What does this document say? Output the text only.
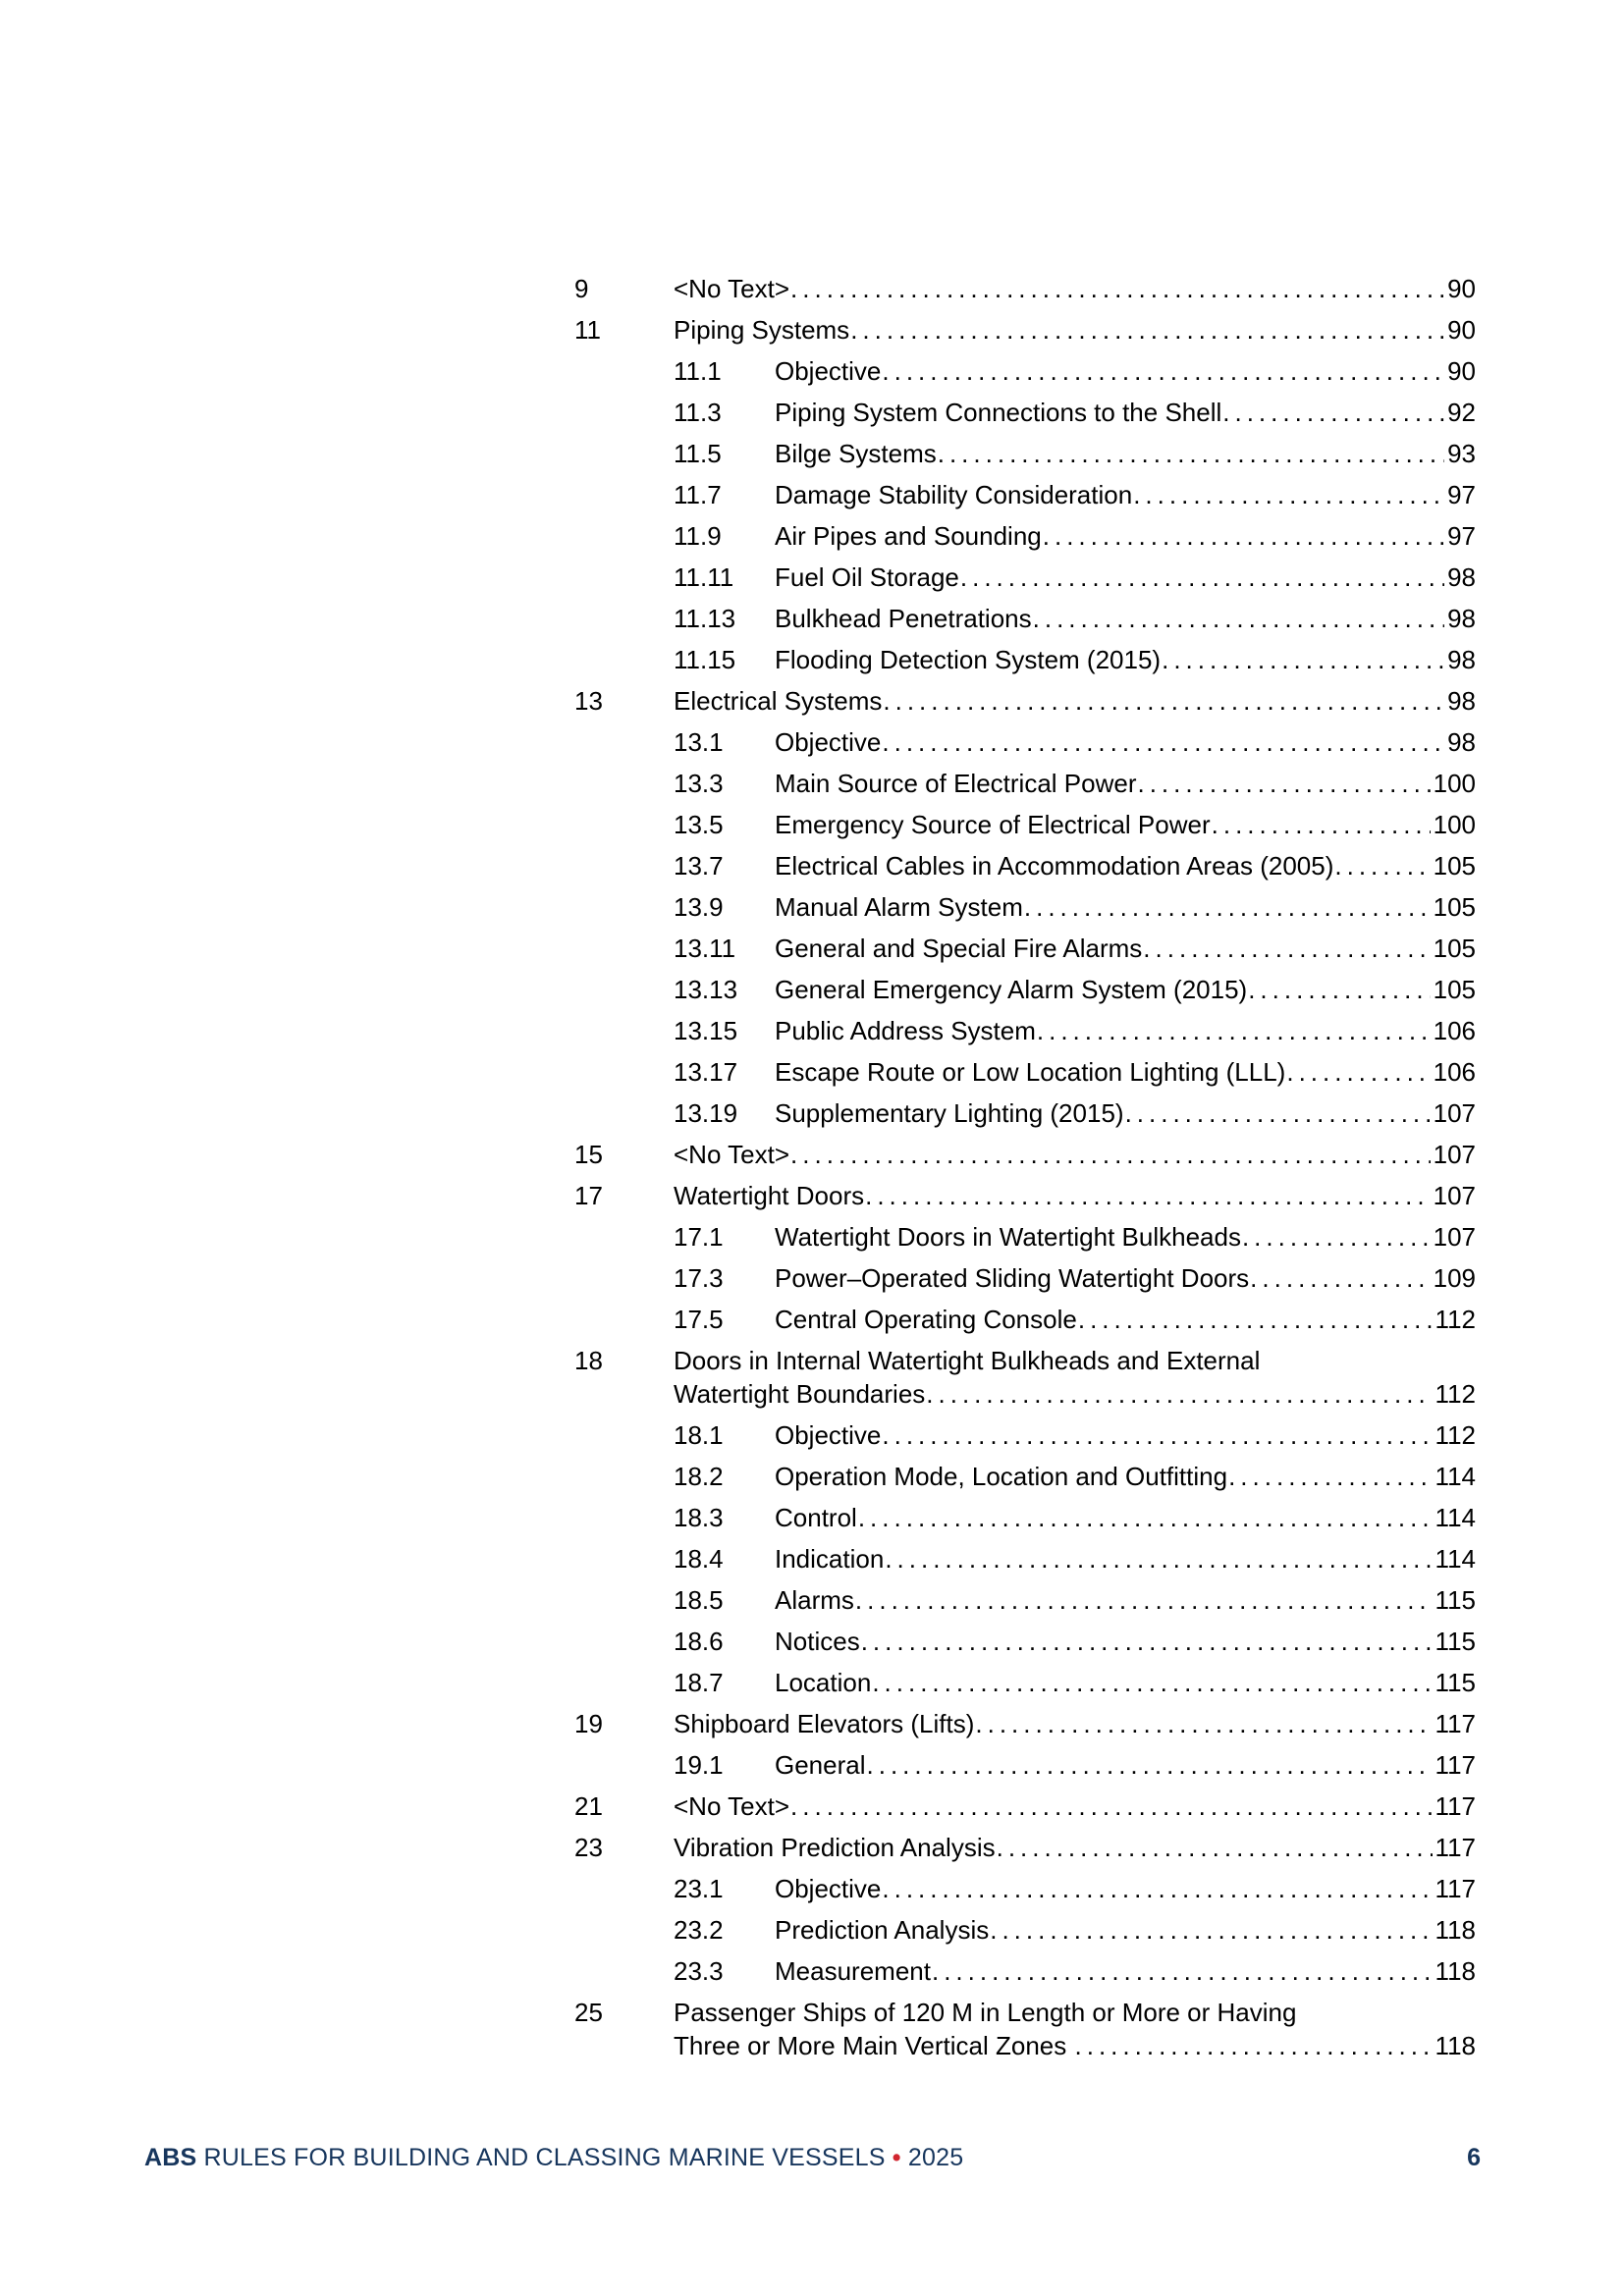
9	<No Text> .....	90
11	Piping Systems .....	90
11.1	Objective .....	90
11.3	Piping System Connections to the Shell .....	92
11.5	Bilge Systems .....	93
11.7	Damage Stability Consideration .....	97
11.9	Air Pipes and Sounding .....	97
11.11	Fuel Oil Storage .....	98
11.13	Bulkhead Penetrations .....	98
11.15	Flooding Detection System (2015) .....	98
13	Electrical Systems .....	98
13.1	Objective .....	98
13.3	Main Source of Electrical Power .....	100
13.5	Emergency Source of Electrical Power .....	100
13.7	Electrical Cables in Accommodation Areas (2005) .....	105
13.9	Manual Alarm System .....	105
13.11	General and Special Fire Alarms .....	105
13.13	General Emergency Alarm System (2015) .....	105
13.15	Public Address System .....	106
13.17	Escape Route or Low Location Lighting (LLL) .....	106
13.19	Supplementary Lighting (2015) .....	107
15	<No Text> .....	107
17	Watertight Doors .....	107
17.1	Watertight Doors in Watertight Bulkheads .....	107
17.3	Power–Operated Sliding Watertight Doors .....	109
17.5	Central Operating Console .....	112
18	Doors in Internal Watertight Bulkheads and External
Watertight Boundaries .....	112
18.1	Objective .....	112
18.2	Operation Mode, Location and Outfitting .....	114
18.3	Control .....	114
18.4	Indication .....	114
18.5	Alarms .....	115
18.6	Notices .....	115
18.7	Location .....	115
19	Shipboard Elevators (Lifts) .....	117
19.1	General .....	117
21	<No Text> .....	117
23	Vibration Prediction Analysis .....	117
23.1	Objective .....	117
23.2	Prediction Analysis .....	118
23.3	Measurement .....	118
25	Passenger Ships of 120 M in Length or More or Having
Three or More Main Vertical Zones .....	118
ABS RULES FOR BUILDING AND CLASSING MARINE VESSELS • 2025	6
